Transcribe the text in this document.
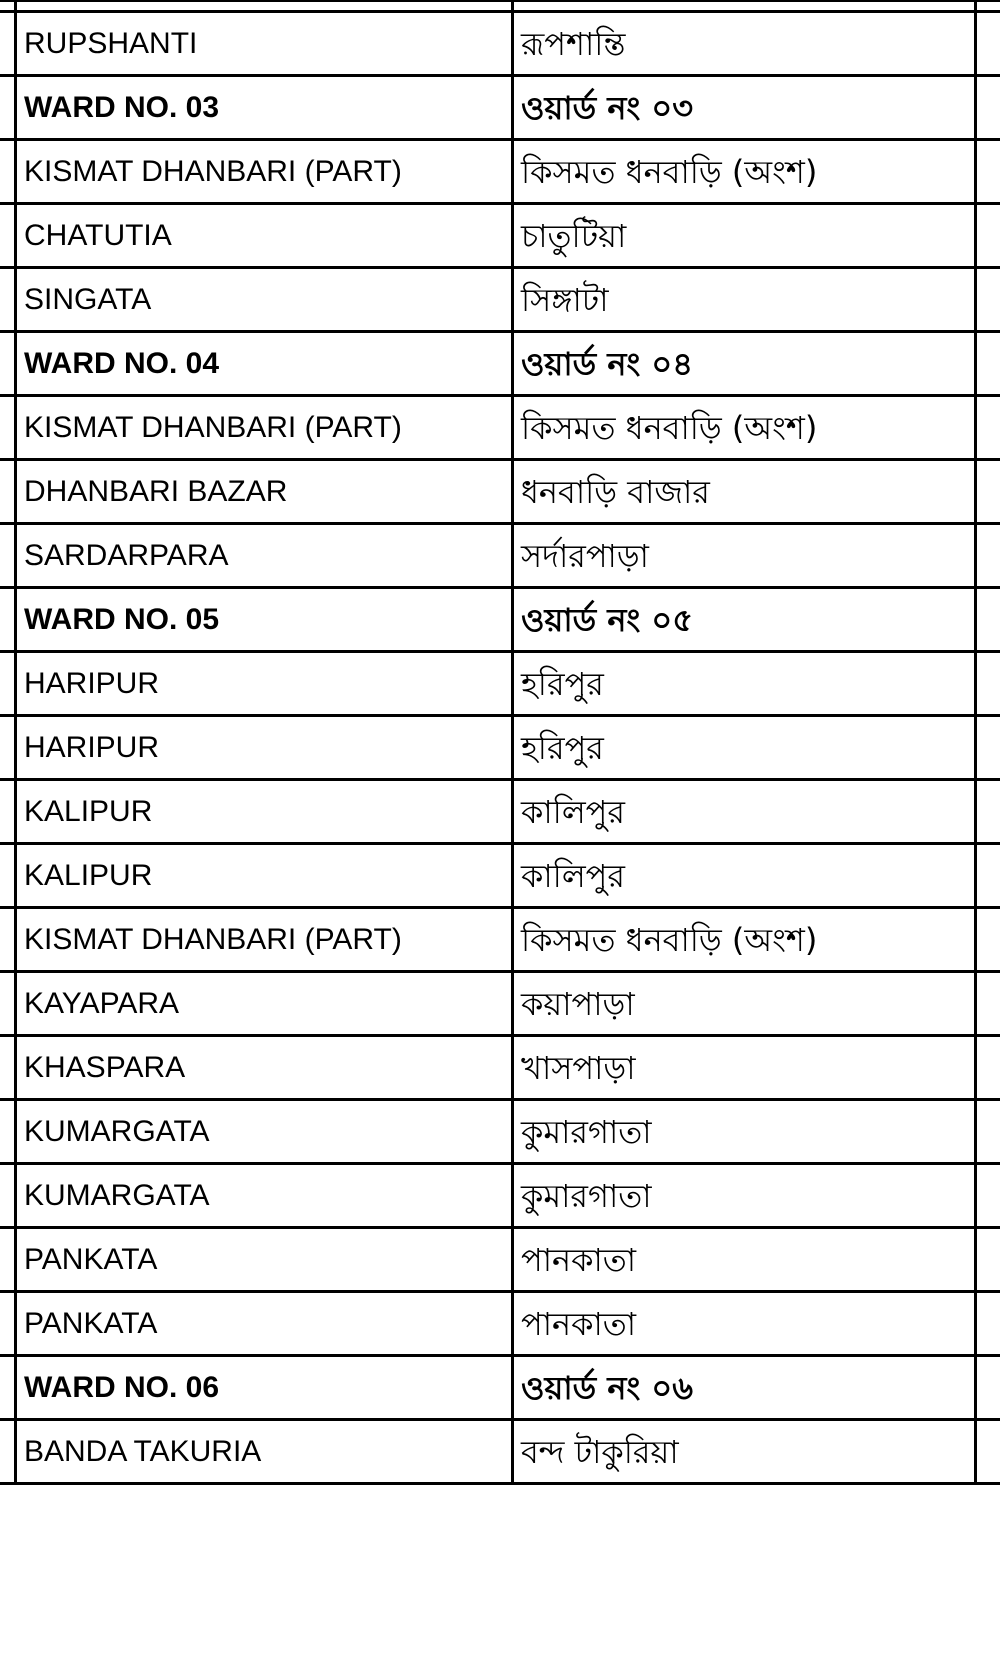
	RUPSHANTI	রূপশান্তি	
	WARD NO. 03	ওয়ার্ড নং ০৩	
	KISMAT DHANBARI (PART)	কিসমত ধনবাড়ি (অংশ)	
	CHATUTIA	চাতুটিয়া	
	SINGATA	সিঙ্গাটা	
	WARD NO. 04	ওয়ার্ড নং ০৪	
	KISMAT DHANBARI (PART)	কিসমত ধনবাড়ি (অংশ)	
	DHANBARI BAZAR	ধনবাড়ি বাজার	
	SARDARPARA	সর্দারপাড়া	
	WARD NO. 05	ওয়ার্ড নং ০৫	
	HARIPUR	হরিপুর	
	HARIPUR	হরিপুর	
	KALIPUR	কালিপুর	
	KALIPUR	কালিপুর	
	KISMAT DHANBARI (PART)	কিসমত ধনবাড়ি (অংশ)	
	KAYAPARA	কয়াপাড়া	
	KHASPARA	খাসপাড়া	
	KUMARGATA	কুমারগাতা	
	KUMARGATA	কুমারগাতা	
	PANKATA	পানকাতা	
	PANKATA	পানকাতা	
	WARD NO. 06	ওয়ার্ড নং ০৬	
	BANDA TAKURIA	বন্দ টাকুরিয়া	
